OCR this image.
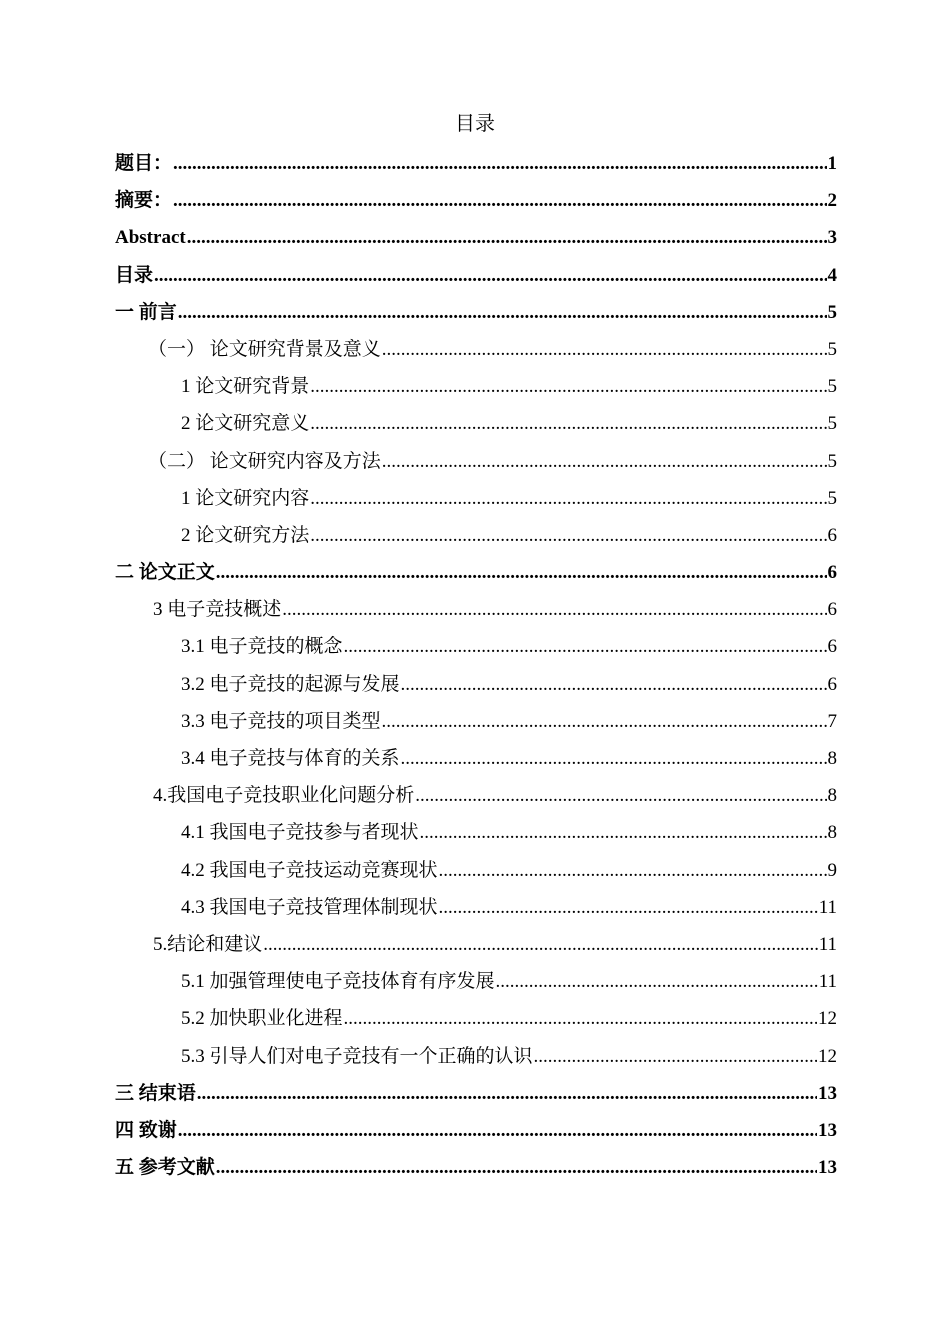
目录
题目： .....	1
摘要： .....	2
Abstract .....	3
目录 .....	4
一 前言 .....	5
（一） 论文研究背景及意义 .....	5
1 论文研究背景 .....	5
2 论文研究意义 .....	5
（二） 论文研究内容及方法 .....	5
1 论文研究内容 .....	5
2 论文研究方法 .....	6
二 论文正文 .....	6
3 电子竞技概述 .....	6
3.1 电子竞技的概念 .....	6
3.2 电子竞技的起源与发展 .....	6
3.3 电子竞技的项目类型 .....	7
3.4 电子竞技与体育的关系 .....	8
4.我国电子竞技职业化问题分析 .....	8
4.1 我国电子竞技参与者现状 .....	8
4.2 我国电子竞技运动竞赛现状 .....	9
4.3 我国电子竞技管理体制现状 .....	11
5.结论和建议 .....	11
5.1 加强管理使电子竞技体育有序发展 .....	11
5.2 加快职业化进程 .....	12
5.3 引导人们对电子竞技有一个正确的认识 .....	12
三 结束语 .....	13
四 致谢 .....	13
五 参考文献 .....	13
